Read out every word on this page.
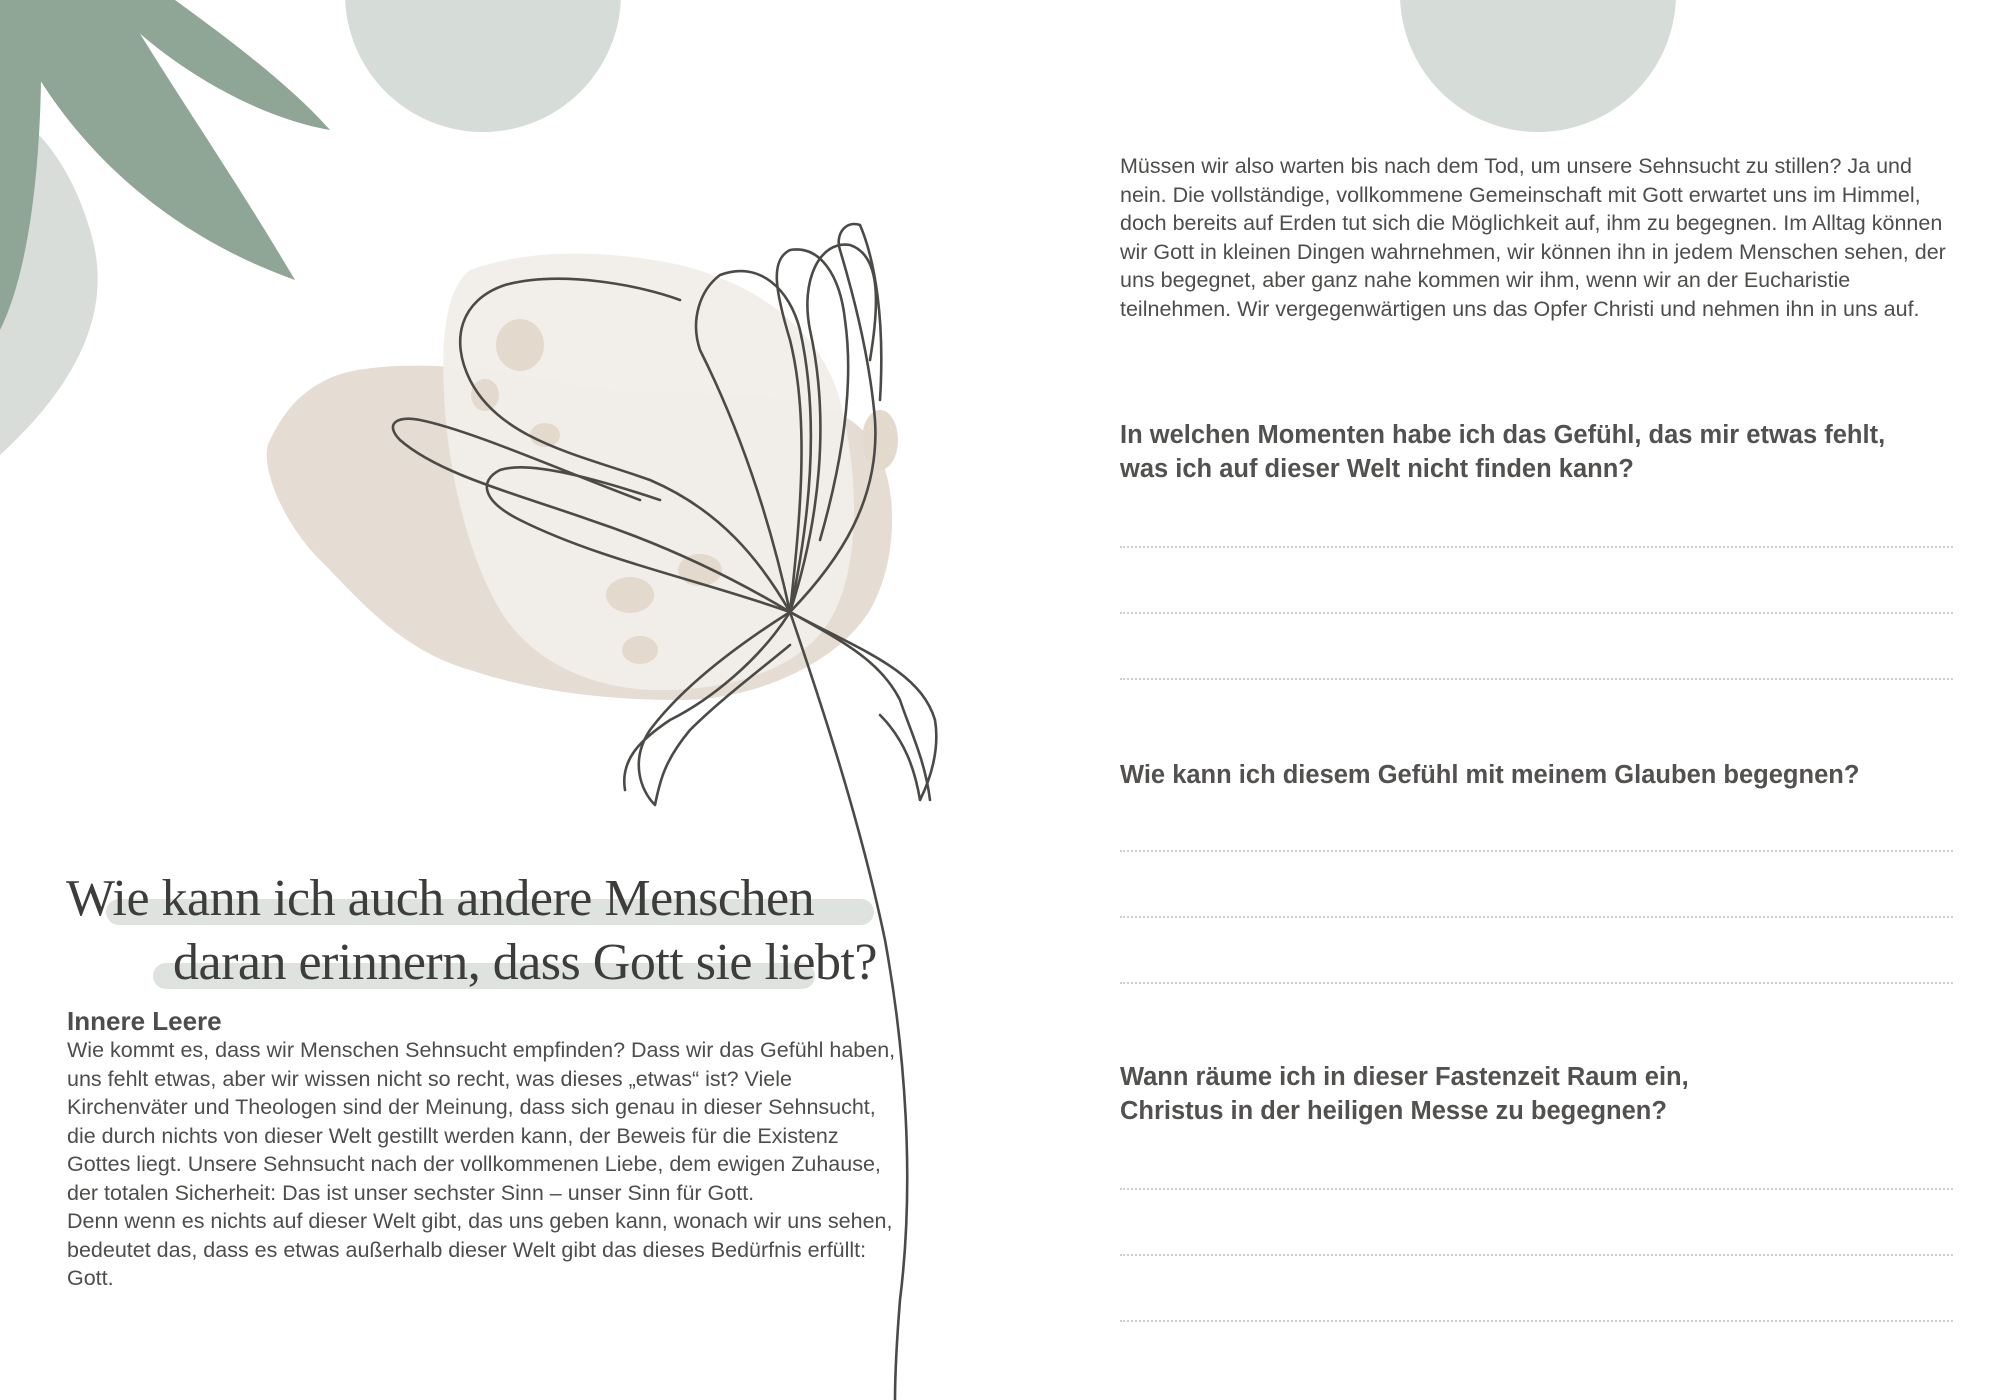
Wie kann ich auch andere Menschen
daran erinnern, dass Gott sie liebt?
Innere Leere

Wie kommt es, dass wir Menschen Sehnsucht empfinden? Dass wir das Gefühl haben, uns fehlt etwas, aber wir wissen nicht so recht, was dieses „etwas“ ist? Viele Kirchenväter und Theologen sind der Meinung, dass sich genau in dieser Sehnsucht, die durch nichts von dieser Welt gestillt werden kann, der Beweis für die Existenz Gottes liegt. Unsere Sehnsucht nach der vollkommenen Liebe, dem ewigen Zuhause, der totalen Sicherheit: Das ist unser sechster Sinn – unser Sinn für Gott.

Denn wenn es nichts auf dieser Welt gibt, das uns geben kann, wonach wir uns sehen, bedeutet das, dass es etwas außerhalb dieser Welt gibt das dieses Bedürfnis erfüllt: Gott.

Müssen wir also warten bis nach dem Tod, um unsere Sehnsucht zu stillen? Ja und nein. Die vollständige, vollkommene Gemeinschaft mit Gott erwartet uns im Himmel, doch bereits auf Erden tut sich die Möglichkeit auf, ihm zu begegnen. Im Alltag können wir Gott in kleinen Dingen wahrnehmen, wir können ihn in jedem Menschen sehen, der uns begegnet, aber ganz nahe kommen wir ihm, wenn wir an der Eucharistie teilnehmen. Wir vergegenwärtigen uns das Opfer Christi und nehmen ihn in uns auf.
In welchen Momenten habe ich das Gefühl, das mir etwas fehlt,
was ich auf dieser Welt nicht finden kann?
Wie kann ich diesem Gefühl mit meinem Glauben begegnen?
Wann räume ich in dieser Fastenzeit Raum ein,
Christus in der heiligen Messe zu begegnen?
